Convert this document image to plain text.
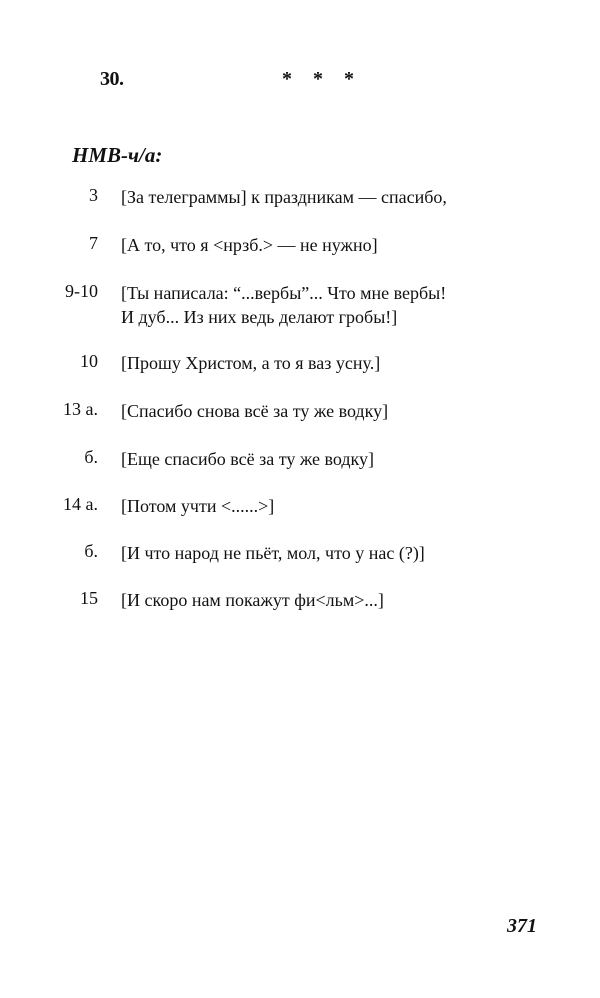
30.	* * *
НМВ-ч/а:
3 [За телеграммы] к праздникам — спасибо,
7 [А то, что я <нрзб.> — не нужно]
9-10 [Ты написала: “...вербы”... Что мне вербы!
И дуб... Из них ведь делают гробы!]
10 [Прошу Христом, а то я ваз усну.]
13 а. [Спасибо снова всё за ту же водку]
б. [Еще спасибо всё за ту же водку]
14 а. [Потом учти <......>]
б. [И что народ не пьёт, мол, что у нас (?)]
15 [И скоро нам покажут фи<льм>...]
371
